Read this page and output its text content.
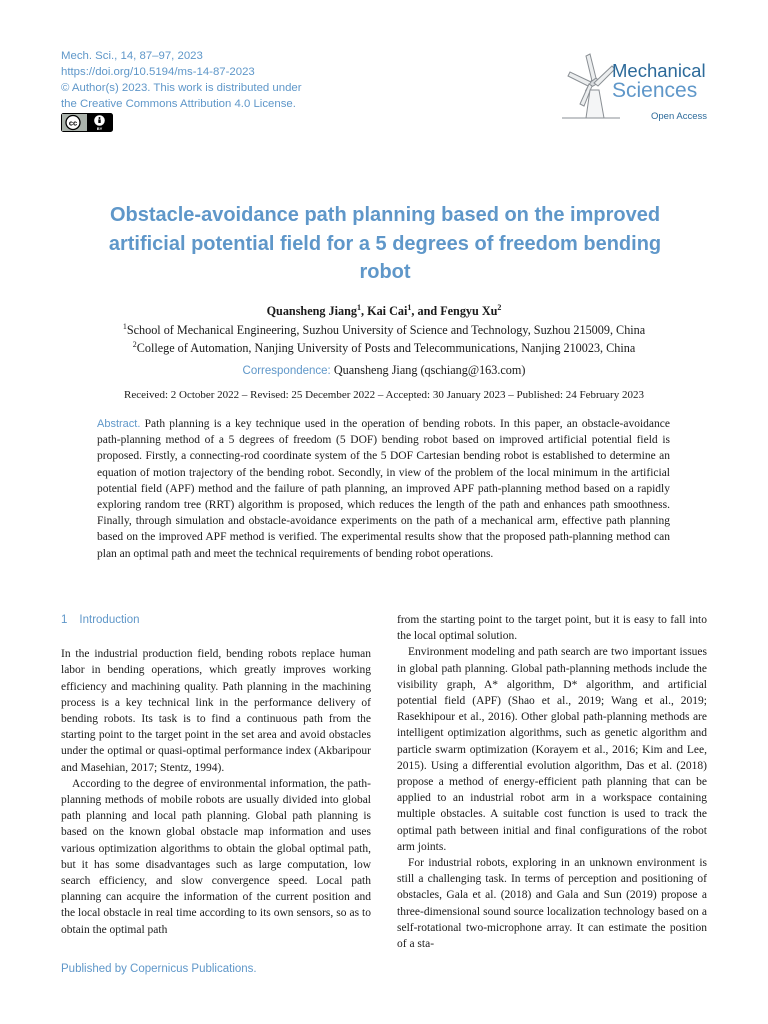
Mech. Sci., 14, 87–97, 2023
https://doi.org/10.5194/ms-14-87-2023
© Author(s) 2023. This work is distributed under
the Creative Commons Attribution 4.0 License.
cc
BY
Mechanical
Sciences
Open Access
Obstacle-avoidance path planning based on the improved artificial potential field for a 5 degrees of freedom bending robot
Quansheng Jiang$^1$, Kai Cai$^1$, and Fengyu Xu$^2$
$^1$School of Mechanical Engineering, Suzhou University of Science and Technology, Suzhou 215009, China
$^2$College of Automation, Nanjing University of Posts and Telecommunications, Nanjing 210023, China
Correspondence: Quansheng Jiang (qschiang@163.com)
Received: 2 October 2022 – Revised: 25 December 2022 – Accepted: 30 January 2023 – Published: 24 February 2023
Abstract. Path planning is a key technique used in the operation of bending robots. In this paper, an obstacle-avoidance path-planning method of a 5 degrees of freedom (5 DOF) bending robot based on improved artificial potential field is proposed. Firstly, a connecting-rod coordinate system of the 5 DOF Cartesian bending robot is established to determine an equation of motion trajectory of the bending robot. Secondly, in view of the problem of the local minimum in the artificial potential field (APF) method and the failure of path planning, an improved APF path-planning method based on a rapidly exploring random tree (RRT) algorithm is proposed, which reduces the length of the path and enhances path smoothness. Finally, through simulation and obstacle-avoidance experiments on the path of a mechanical arm, effective path planning based on the improved APF method is verified. The experimental results show that the proposed path-planning method can plan an optimal path and meet the technical requirements of bending robot operations.
1 Introduction

In the industrial production field, bending robots replace human labor in bending operations, which greatly improves working efficiency and machining quality. Path planning in the machining process is a key technical link in the performance delivery of bending robots. Its task is to find a continuous path from the starting point to the target point in the set area and avoid obstacles under the optimal or quasi-optimal performance index (Akbaripour and Masehian, 2017; Stentz, 1994).

According to the degree of environmental information, the path-planning methods of mobile robots are usually divided into global path planning and local path planning. Global path planning is based on the known global obstacle map information and uses various optimization algorithms to obtain the global optimal path, but it has some disadvantages such as large computation, low search efficiency, and slow convergence speed. Local path planning can acquire the information of the current position and the local obstacle in real time according to its own sensors, so as to obtain the optimal path

from the starting point to the target point, but it is easy to fall into the local optimal solution.

Environment modeling and path search are two important issues in global path planning. Global path-planning methods include the visibility graph, A* algorithm, D* algorithm, and artificial potential field (APF) (Shao et al., 2019; Wang et al., 2019; Rasekhipour et al., 2016). Other global path-planning methods are intelligent optimization algorithms, such as genetic algorithm and particle swarm optimization (Korayem et al., 2016; Kim and Lee, 2015). Using a differential evolution algorithm, Das et al. (2018) propose a method of energy-efficient path planning that can be applied to an industrial robot arm in a workspace containing multiple obstacles. A suitable cost function is used to track the optimal path between initial and final configurations of the robot arm joints.

For industrial robots, exploring in an unknown environment is still a challenging task. In terms of perception and positioning of obstacles, Gala et al. (2018) and Gala and Sun (2019) propose a three-dimensional sound source localization technology based on a self-rotational two-microphone array. It can estimate the position of a sta-

Published by Copernicus Publications.
